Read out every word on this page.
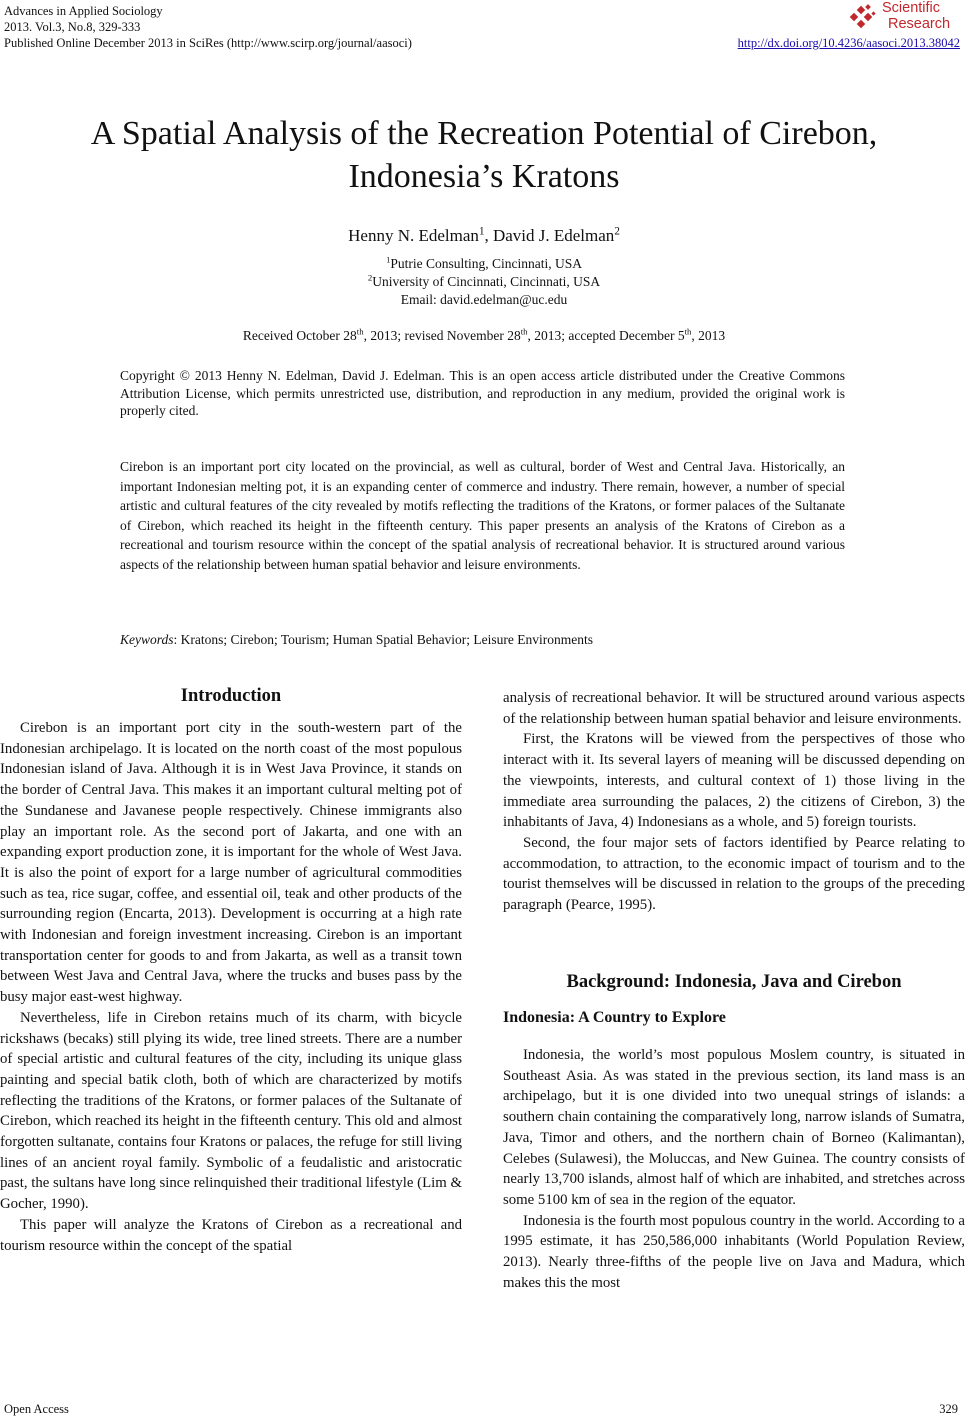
Advances in Applied Sociology
2013. Vol.3, No.8, 329-333
Published Online December 2013 in SciRes (http://www.scirp.org/journal/aasoci)	http://dx.doi.org/10.4236/aasoci.2013.38042
Scientific
Research
A Spatial Analysis of the Recreation Potential of Cirebon,
Indonesia’s Kratons
Henny N. Edelman$^1$, David J. Edelman$^2$
$^1$Putrie Consulting, Cincinnati, USA
$^2$University of Cincinnati, Cincinnati, USA
Email: david.edelman@uc.edu
Received October 28th, 2013; revised November 28th, 2013; accepted December 5th, 2013
Copyright © 2013 Henny N. Edelman, David J. Edelman. This is an open access article distributed under the Creative Commons Attribution License, which permits unrestricted use, distribution, and reproduction in any medium, provided the original work is properly cited.
Cirebon is an important port city located on the provincial, as well as cultural, border of West and Central Java. Historically, an important Indonesian melting pot, it is an expanding center of commerce and industry. There remain, however, a number of special artistic and cultural features of the city revealed by motifs reflecting the traditions of the Kratons, or former palaces of the Sultanate of Cirebon, which reached its height in the fifteenth century. This paper presents an analysis of the Kratons of Cirebon as a recreational and tourism resource within the concept of the spatial analysis of recreational behavior. It is structured around various aspects of the relationship between human spatial behavior and leisure environments.
Keywords: Kratons; Cirebon; Tourism; Human Spatial Behavior; Leisure Environments
Introduction

Cirebon is an important port city in the south-western part of the Indonesian archipelago. It is located on the north coast of the most populous Indonesian island of Java. Although it is in West Java Province, it stands on the border of Central Java. This makes it an important cultural melting pot of the Sundanese and Javanese people respectively. Chinese immigrants also play an important role. As the second port of Jakarta, and one with an expanding export production zone, it is important for the whole of West Java. It is also the point of export for a large number of agricultural commodities such as tea, rice sugar, coffee, and essential oil, teak and other products of the surrounding region (Encarta, 2013). Development is occurring at a high rate with Indonesian and foreign investment increasing. Cirebon is an important transportation center for goods to and from Jakarta, as well as a transit town between West Java and Central Java, where the trucks and buses pass by the busy major east-west highway.

Nevertheless, life in Cirebon retains much of its charm, with bicycle rickshaws (becaks) still plying its wide, tree lined streets. There are a number of special artistic and cultural features of the city, including its unique glass painting and special batik cloth, both of which are characterized by motifs reflecting the traditions of the Kratons, or former palaces of the Sultanate of Cirebon, which reached its height in the fifteenth century. This old and almost forgotten sultanate, contains four Kratons or palaces, the refuge for still living lines of an ancient royal family. Symbolic of a feudalistic and aristocratic past, the sultans have long since relinquished their traditional lifestyle (Lim & Gocher, 1990).

This paper will analyze the Kratons of Cirebon as a recreational and tourism resource within the concept of the spatial

analysis of recreational behavior. It will be structured around various aspects of the relationship between human spatial behavior and leisure environments.

First, the Kratons will be viewed from the perspectives of those who interact with it. Its several layers of meaning will be discussed depending on the viewpoints, interests, and cultural context of 1) those living in the immediate area surrounding the palaces, 2) the citizens of Cirebon, 3) the inhabitants of Java, 4) Indonesians as a whole, and 5) foreign tourists.

Second, the four major sets of factors identified by Pearce relating to accommodation, to attraction, to the economic impact of tourism and to the tourist themselves will be discussed in relation to the groups of the preceding paragraph (Pearce, 1995).

Background: Indonesia, Java and Cirebon
Indonesia: A Country to Explore

Indonesia, the world’s most populous Moslem country, is situated in Southeast Asia. As was stated in the previous section, its land mass is an archipelago, but it is one divided into two unequal strings of islands: a southern chain containing the comparatively long, narrow islands of Sumatra, Java, Timor and others, and the northern chain of Borneo (Kalimantan), Celebes (Sulawesi), the Moluccas, and New Guinea. The country consists of nearly 13,700 islands, almost half of which are inhabited, and stretches across some 5100 km of sea in the region of the equator.

Indonesia is the fourth most populous country in the world. According to a 1995 estimate, it has 250,586,000 inhabitants (World Population Review, 2013). Nearly three-fifths of the people live on Java and Madura, which makes this the most

Open Access	329
